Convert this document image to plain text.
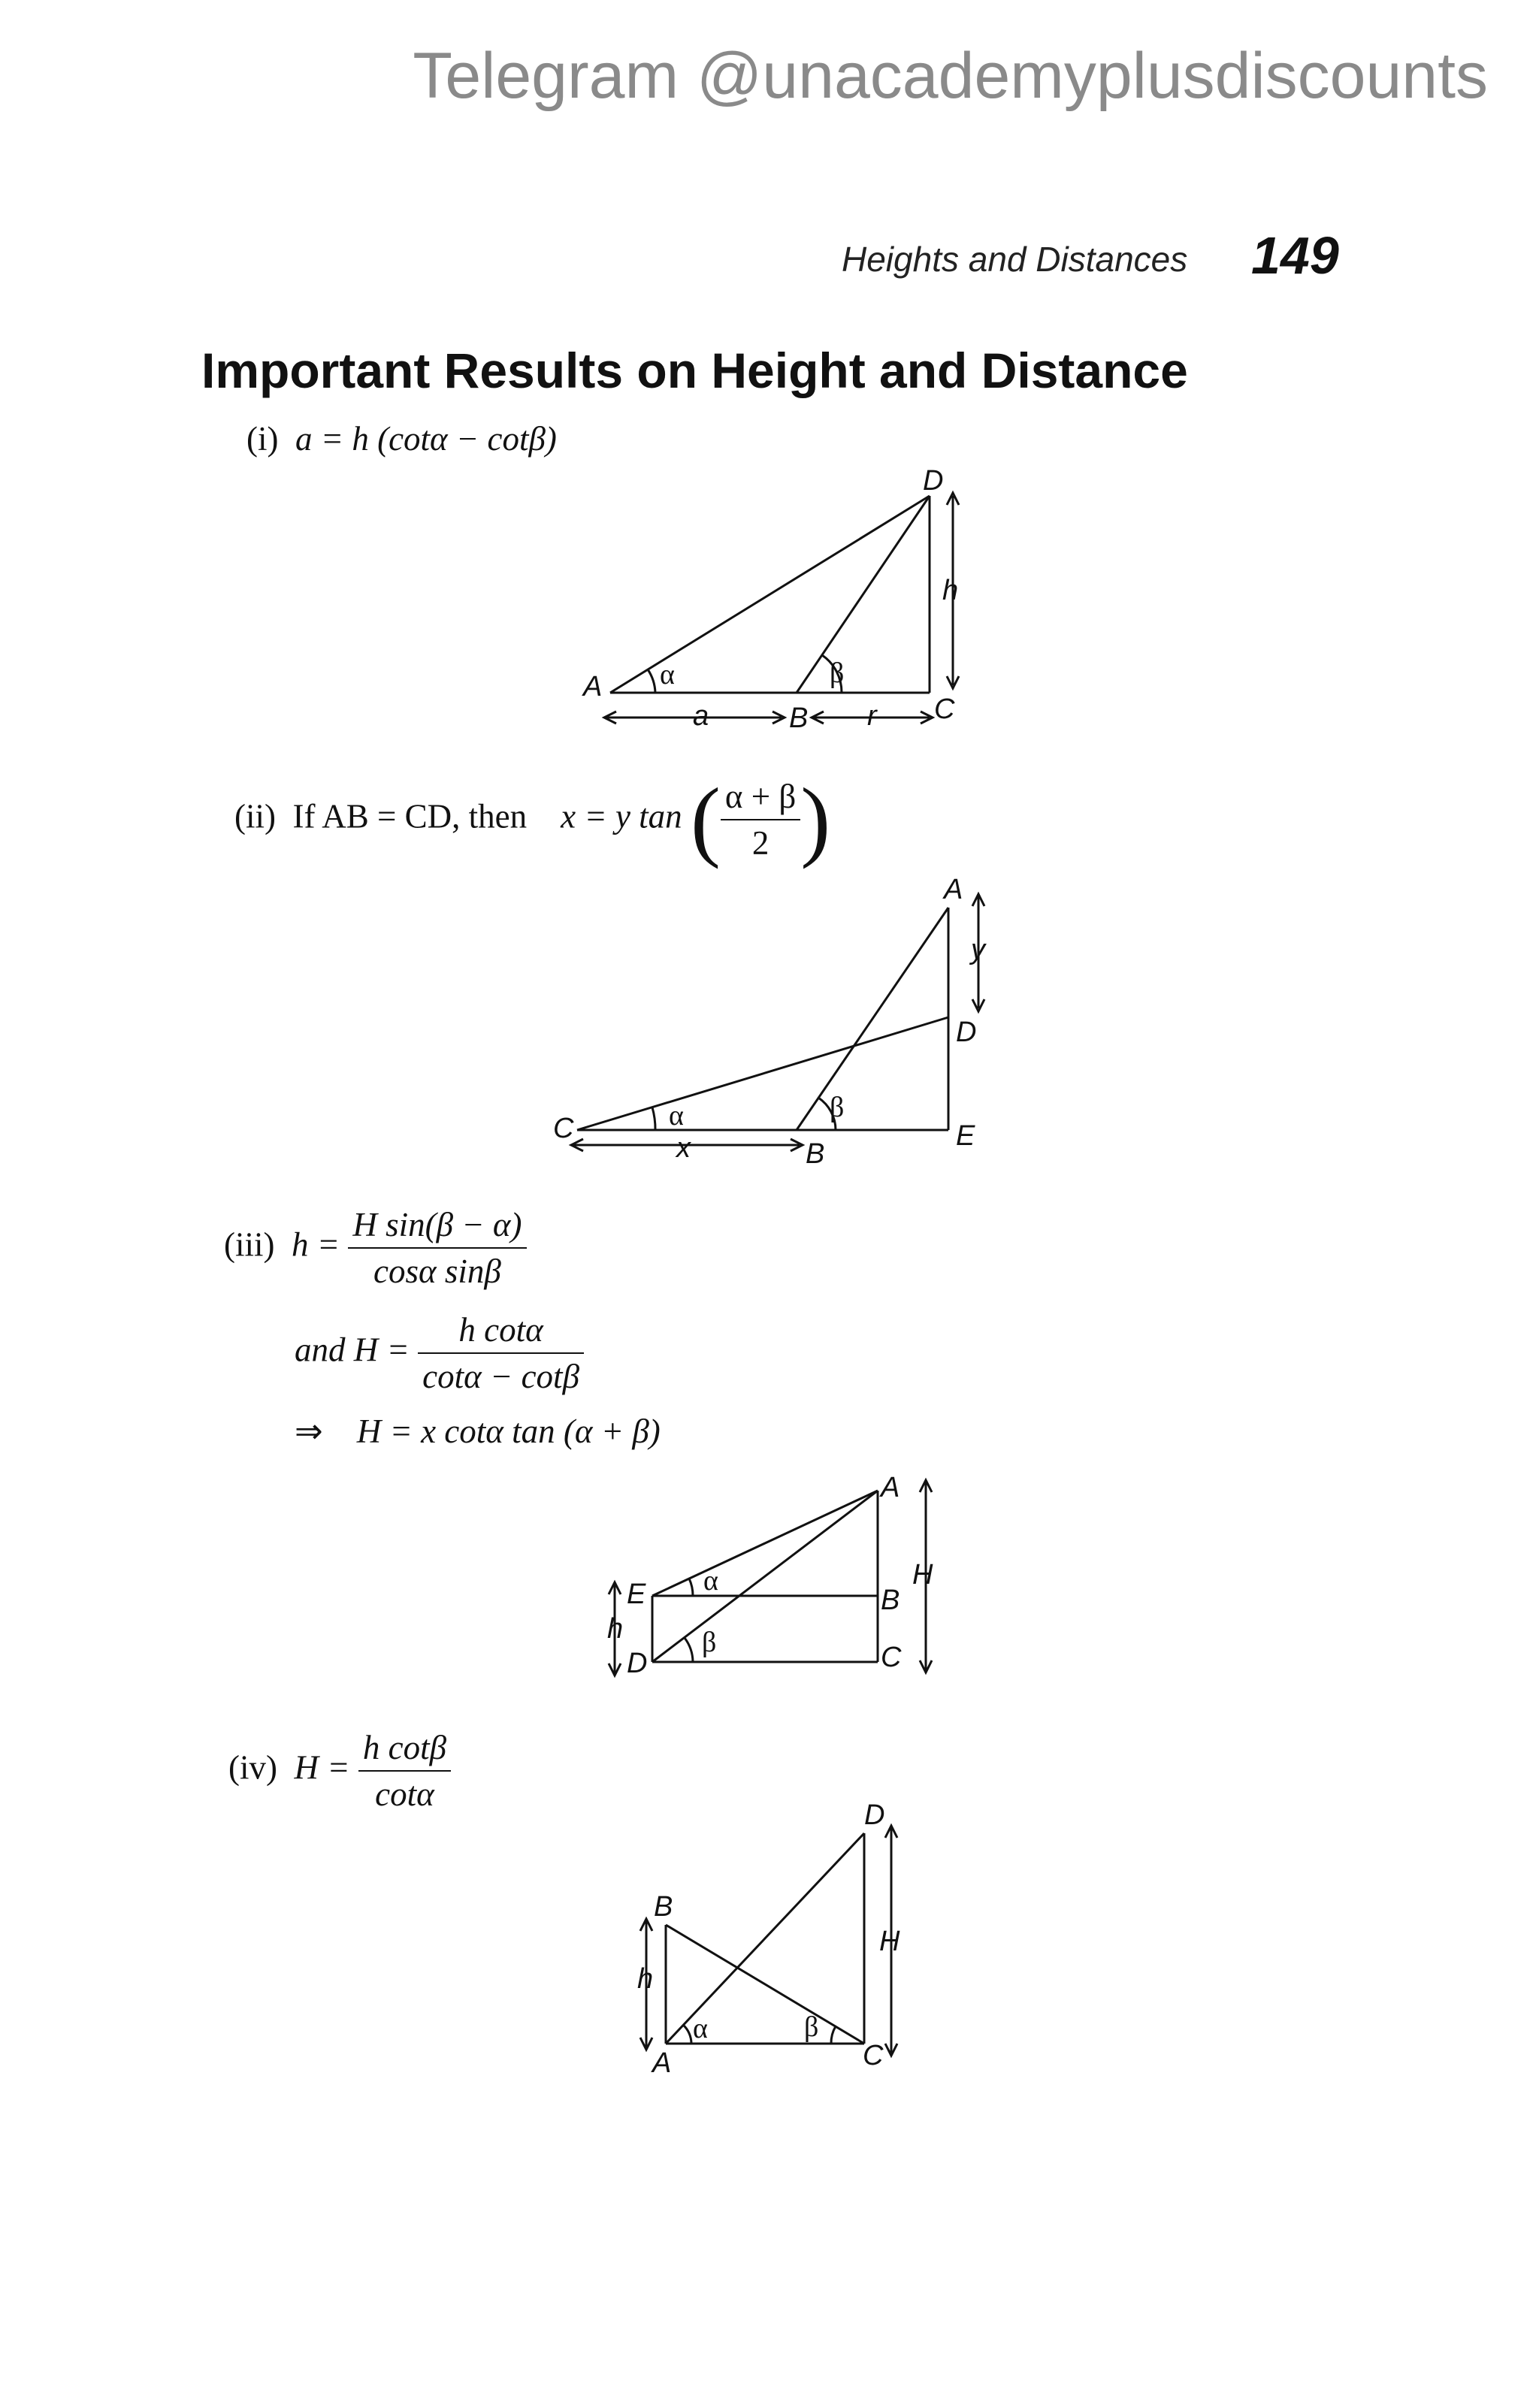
Telegram @unacademyplusdiscounts
Heights and Distances 149
Important Results on Height and Distance
(i) a = h (cotα − cotβ)
A
B	C
D
h
a	r
α	β
(ii) If AB = CD, then x = y tan ( $\frac{\alpha + \beta}{2}$ )
A
B
C
D
E
x
y
α	β
(iii) $h = \frac{\text{H sin(β − α)}}{\text{cosα sinβ}}$
and $H = \frac{\text{h cotα}}{\cot\alpha - \cot\beta}$
⇒ H = x cotα tan (α + β)
A
B
C
D
E
H
h
α
β
(iv) $H = \frac{\text{h cotβ}}{\cot\alpha}$
A
B
C
D
H
h
α	β
